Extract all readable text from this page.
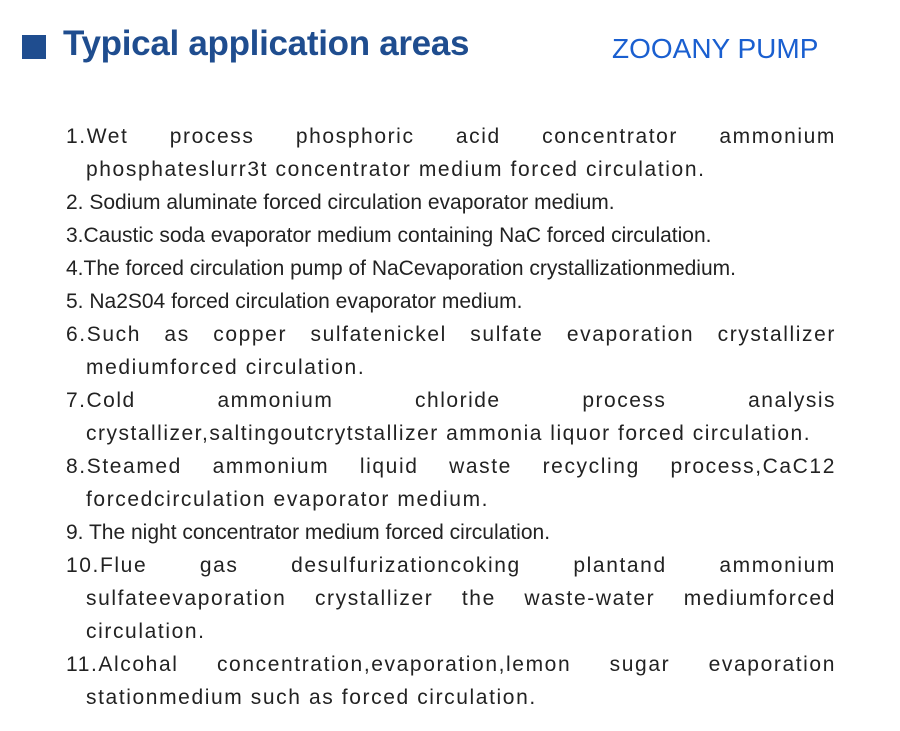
Typical application areas	ZOOANY PUMP
1.Wet process phosphoric acid concentrator ammonium phosphateslurr3t concentrator medium forced circulation.
2. Sodium aluminate forced circulation evaporator medium.
3.Caustic soda evaporator medium containing NaC forced circulation.
4.The forced circulation pump of NaCevaporation crystallizationmedium.
5. Na2S04 forced circulation evaporator medium.
6.Such as copper sulfatenickel sulfate evaporation crystallizer mediumforced circulation.
7.Cold ammonium chloride process analysis crystallizer,saltingoutcrytstallizer ammonia liquor forced circulation.
8.Steamed ammonium liquid waste recycling process,CaC12 forcedcirculation evaporator medium.
9. The night concentrator medium forced circulation.
10.Flue gas desulfurizationcoking plantand ammonium sulfateevaporation crystallizer the waste-water mediumforced circulation.
11.Alcohal concentration,evaporation,lemon sugar evaporation stationmedium such as forced circulation.
